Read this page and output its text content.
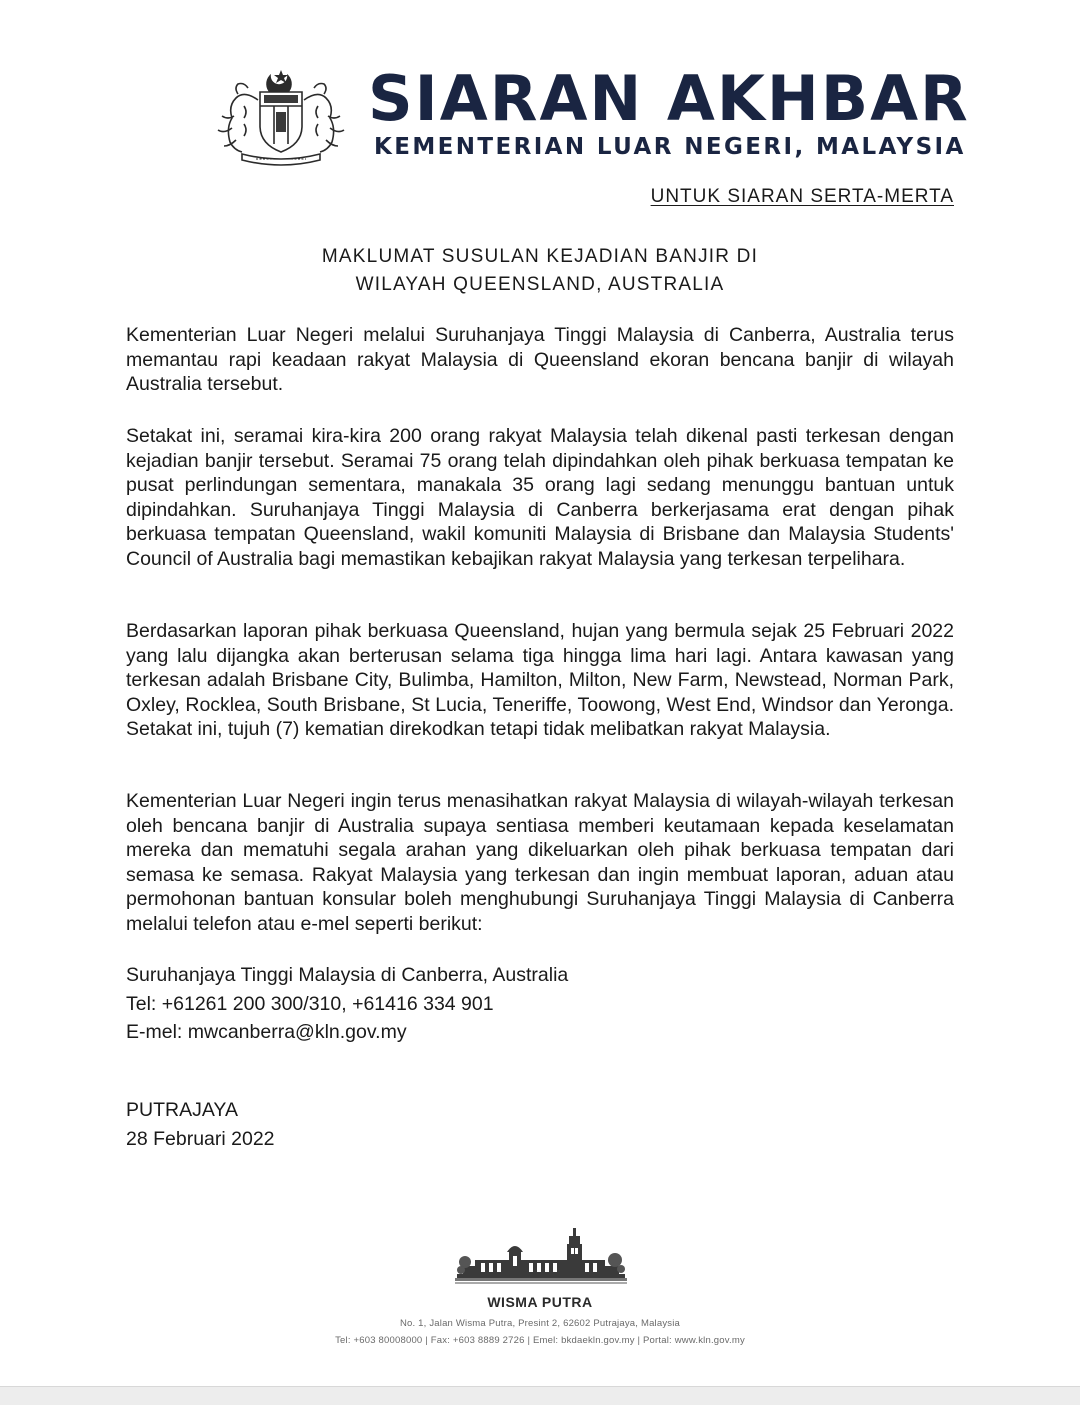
SIARAN AKHBAR
KEMENTERIAN LUAR NEGERI, MALAYSIA
UNTUK SIARAN SERTA-MERTA
MAKLUMAT SUSULAN KEJADIAN BANJIR DI
WILAYAH QUEENSLAND, AUSTRALIA

Kementerian Luar Negeri melalui Suruhanjaya Tinggi Malaysia di Canberra, Australia terus memantau rapi keadaan rakyat Malaysia di Queensland ekoran bencana banjir di wilayah Australia tersebut.

Setakat ini, seramai kira-kira 200 orang rakyat Malaysia telah dikenal pasti terkesan dengan kejadian banjir tersebut. Seramai 75 orang telah dipindahkan oleh pihak berkuasa tempatan ke pusat perlindungan sementara, manakala 35 orang lagi sedang menunggu bantuan untuk dipindahkan. Suruhanjaya Tinggi Malaysia di Canberra berkerjasama erat dengan pihak berkuasa tempatan Queensland, wakil komuniti Malaysia di Brisbane dan Malaysia Students' Council of Australia bagi memastikan kebajikan rakyat Malaysia yang terkesan terpelihara.

Berdasarkan laporan pihak berkuasa Queensland, hujan yang bermula sejak 25 Februari 2022 yang lalu dijangka akan berterusan selama tiga hingga lima hari lagi. Antara kawasan yang terkesan adalah Brisbane City, Bulimba, Hamilton, Milton, New Farm, Newstead, Norman Park, Oxley, Rocklea, South Brisbane, St Lucia, Teneriffe, Toowong, West End, Windsor dan Yeronga. Setakat ini, tujuh (7) kematian direkodkan tetapi tidak melibatkan rakyat Malaysia.

Kementerian Luar Negeri ingin terus menasihatkan rakyat Malaysia di wilayah-wilayah terkesan oleh bencana banjir di Australia supaya sentiasa memberi keutamaan kepada keselamatan mereka dan mematuhi segala arahan yang dikeluarkan oleh pihak berkuasa tempatan dari semasa ke semasa. Rakyat Malaysia yang terkesan dan ingin membuat laporan, aduan atau permohonan bantuan konsular boleh menghubungi Suruhanjaya Tinggi Malaysia di Canberra melalui telefon atau e-mel seperti berikut:

Suruhanjaya Tinggi Malaysia di Canberra, Australia
Tel: +61261 200 300/310, +61416 334 901
E-mel: mwcanberra@kln.gov.my
PUTRAJAYA
28 Februari 2022
WISMA PUTRA
No. 1, Jalan Wisma Putra, Presint 2, 62602 Putrajaya, Malaysia
Tel: +603 80008000 | Fax: +603 8889 2726 | Emel: bkdaekln.gov.my | Portal: www.kln.gov.my
